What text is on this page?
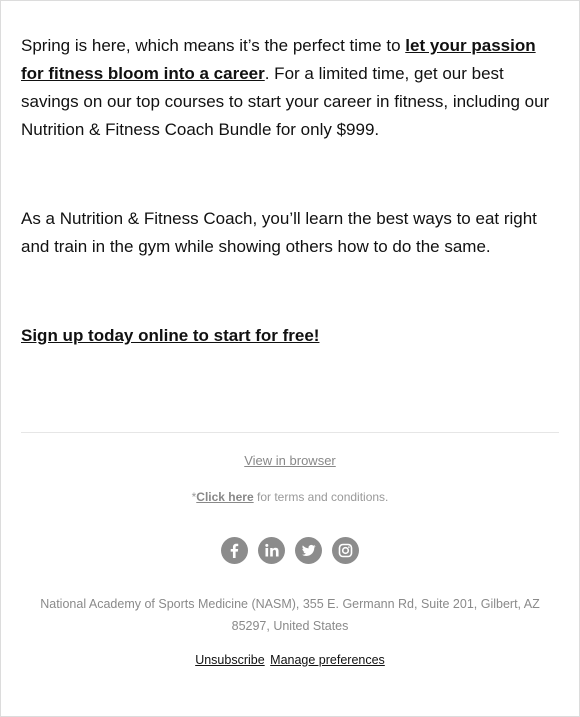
Spring is here, which means it’s the perfect time to let your passion for fitness bloom into a career. For a limited time, get our best savings on our top courses to start your career in fitness, including our Nutrition & Fitness Coach Bundle for only $999.

As a Nutrition & Fitness Coach, you’ll learn the best ways to eat right and train in the gym while showing others how to do the same.

Sign up today online to start for free!

View in browser
*Click here for terms and conditions.
National Academy of Sports Medicine (NASM), 355 E. Germann Rd, Suite 201, Gilbert, AZ 85297, United States
Unsubscribe Manage preferences
